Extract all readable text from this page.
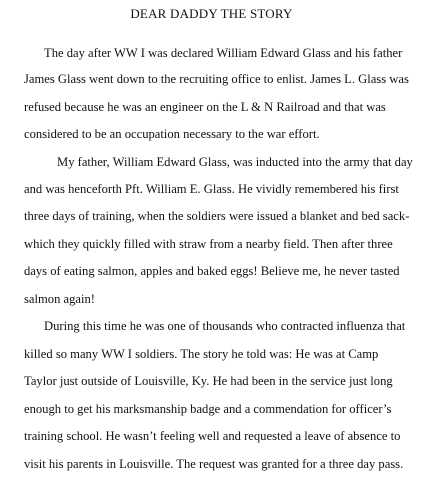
DEAR DADDY THE STORY
The day after WW I was declared William Edward Glass and his father
James Glass went down to the recruiting office to enlist. James L. Glass was
refused because he was an engineer on the L & N Railroad and that was
considered to be an occupation necessary to the war effort.
My father, William Edward Glass, was inducted into the army that day
and was henceforth Pft. William E. Glass. He vividly remembered his first
three days of training, when the soldiers were issued a blanket and bed sack-
which they quickly filled with straw from a nearby field. Then after three
days of eating salmon, apples and baked eggs! Believe me, he never tasted
salmon again!
During this time he was one of thousands who contracted influenza that
killed so many WW I soldiers. The story he told was: He was at Camp
Taylor just outside of Louisville, Ky. He had been in the service just long
enough to get his marksmanship badge and a commendation for officer’s
training school. He wasn’t feeling well and requested a leave of absence to
visit his parents in Louisville. The request was granted for a three day pass.
